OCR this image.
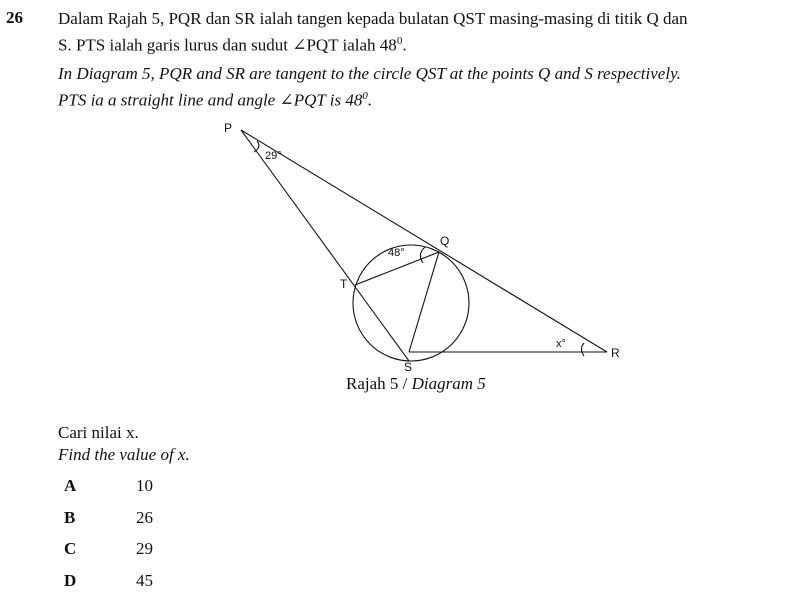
26 Dalam Rajah 5, PQR dan SR ialah tangen kepada bulatan QST masing-masing di titik Q dan
S. PTS ialah garis lurus dan sudut ∠PQT ialah $48^0$.
In Diagram 5, PQR and SR are tangent to the circle QST at the points Q and S respectively.
PTS ia a straight line and angle ∠PQT is $48^0$.
P
Q
T
S
R
29°
48°
x°
Rajah 5 / Diagram 5
Cari nilai x.
Find the value of x.
A	10
B	26
C	29
D	45
